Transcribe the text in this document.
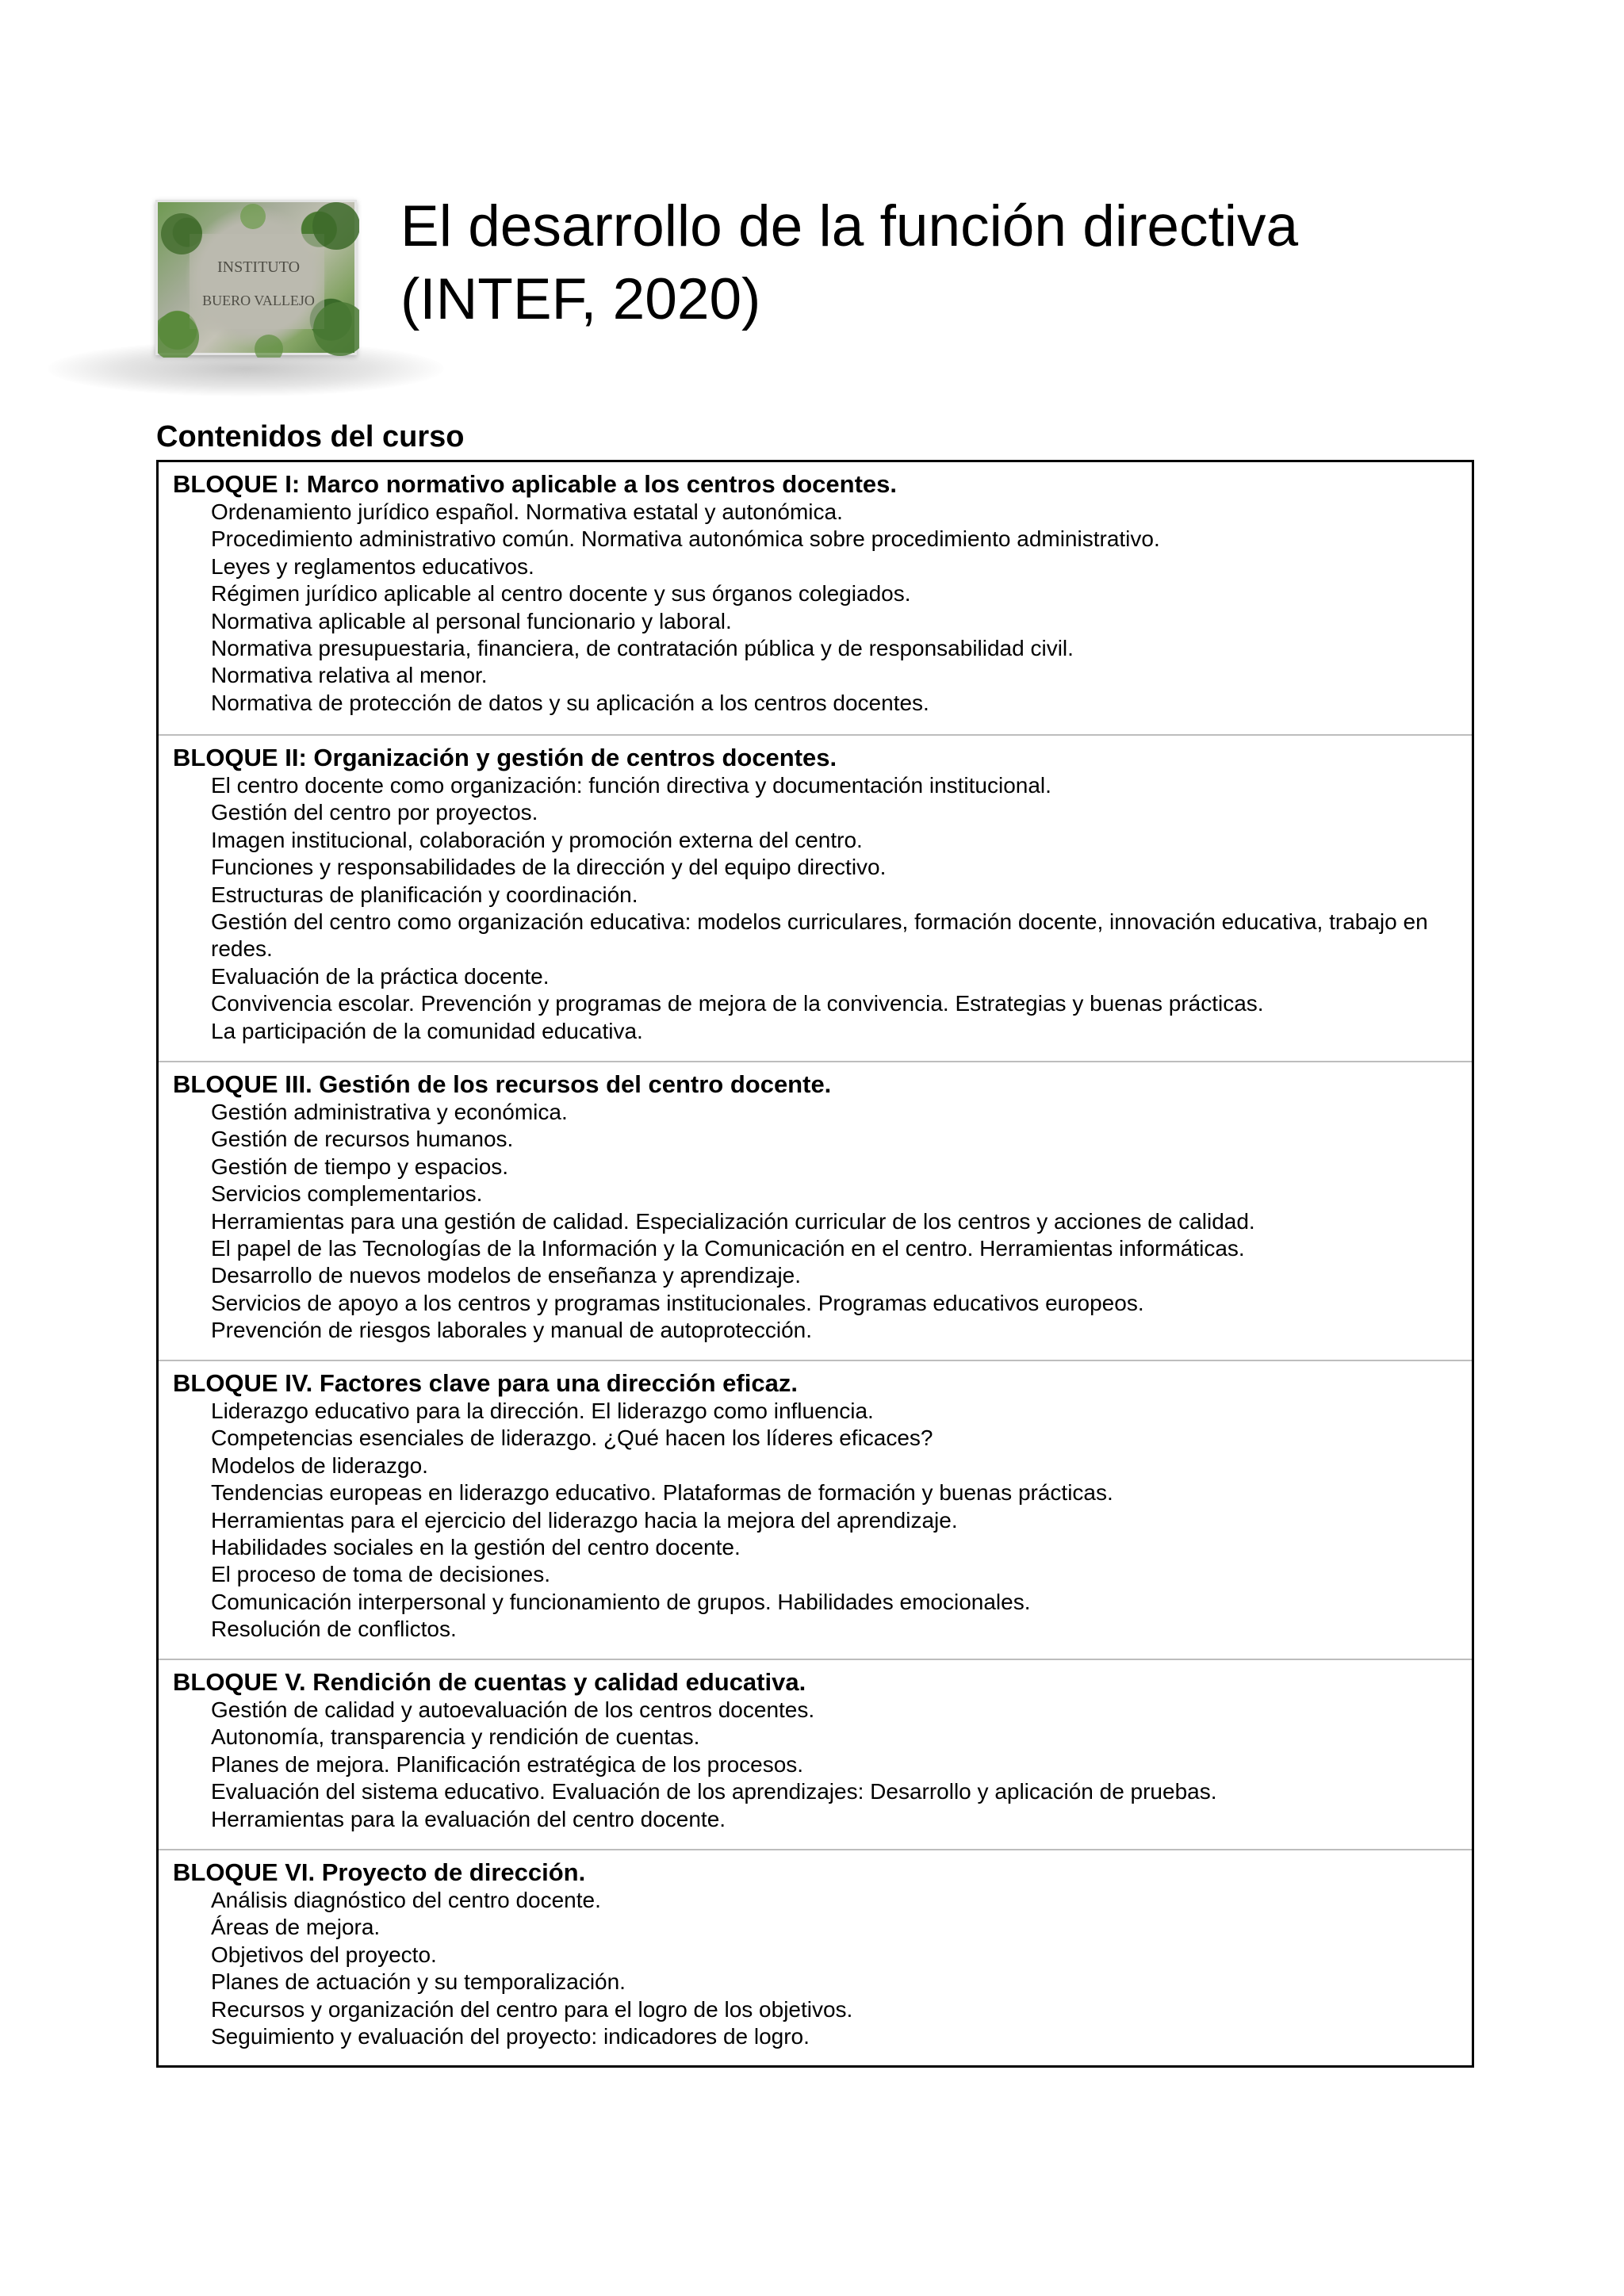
INSTITUTO
BUERO VALLEJO
El desarrollo de la función directiva
(INTEF, 2020)
Contenidos del curso
BLOQUE I: Marco normativo aplicable a los centros docentes.
Ordenamiento jurídico español. Normativa estatal y autonómica.
Procedimiento administrativo común. Normativa autonómica sobre procedimiento administrativo.
Leyes y reglamentos educativos.
Régimen jurídico aplicable al centro docente y sus órganos colegiados.
Normativa aplicable al personal funcionario y laboral.
Normativa presupuestaria, financiera, de contratación pública y de responsabilidad civil.
Normativa relativa al menor.
Normativa de protección de datos y su aplicación a los centros docentes.
BLOQUE II: Organización y gestión de centros docentes.
El centro docente como organización: función directiva y documentación institucional.
Gestión del centro por proyectos.
Imagen institucional, colaboración y promoción externa del centro.
Funciones y responsabilidades de la dirección y del equipo directivo.
Estructuras de planificación y coordinación.
Gestión del centro como organización educativa: modelos curriculares, formación docente, innovación educativa, trabajo en redes.
Evaluación de la práctica docente.
Convivencia escolar. Prevención y programas de mejora de la convivencia. Estrategias y buenas prácticas.
La participación de la comunidad educativa.
BLOQUE III. Gestión de los recursos del centro docente.
Gestión administrativa y económica.
Gestión de recursos humanos.
Gestión de tiempo y espacios.
Servicios complementarios.
Herramientas para una gestión de calidad. Especialización curricular de los centros y acciones de calidad.
El papel de las Tecnologías de la Información y la Comunicación en el centro. Herramientas informáticas.
Desarrollo de nuevos modelos de enseñanza y aprendizaje.
Servicios de apoyo a los centros y programas institucionales. Programas educativos europeos.
Prevención de riesgos laborales y manual de autoprotección.
BLOQUE IV. Factores clave para una dirección eficaz.
Liderazgo educativo para la dirección. El liderazgo como influencia.
Competencias esenciales de liderazgo. ¿Qué hacen los líderes eficaces?
Modelos de liderazgo.
Tendencias europeas en liderazgo educativo. Plataformas de formación y buenas prácticas.
Herramientas para el ejercicio del liderazgo hacia la mejora del aprendizaje.
Habilidades sociales en la gestión del centro docente.
El proceso de toma de decisiones.
Comunicación interpersonal y funcionamiento de grupos. Habilidades emocionales.
Resolución de conflictos.
BLOQUE V. Rendición de cuentas y calidad educativa.
Gestión de calidad y autoevaluación de los centros docentes.
Autonomía, transparencia y rendición de cuentas.
Planes de mejora. Planificación estratégica de los procesos.
Evaluación del sistema educativo. Evaluación de los aprendizajes: Desarrollo y aplicación de pruebas.
Herramientas para la evaluación del centro docente.
BLOQUE VI. Proyecto de dirección.
Análisis diagnóstico del centro docente.
Áreas de mejora.
Objetivos del proyecto.
Planes de actuación y su temporalización.
Recursos y organización del centro para el logro de los objetivos.
Seguimiento y evaluación del proyecto: indicadores de logro.
